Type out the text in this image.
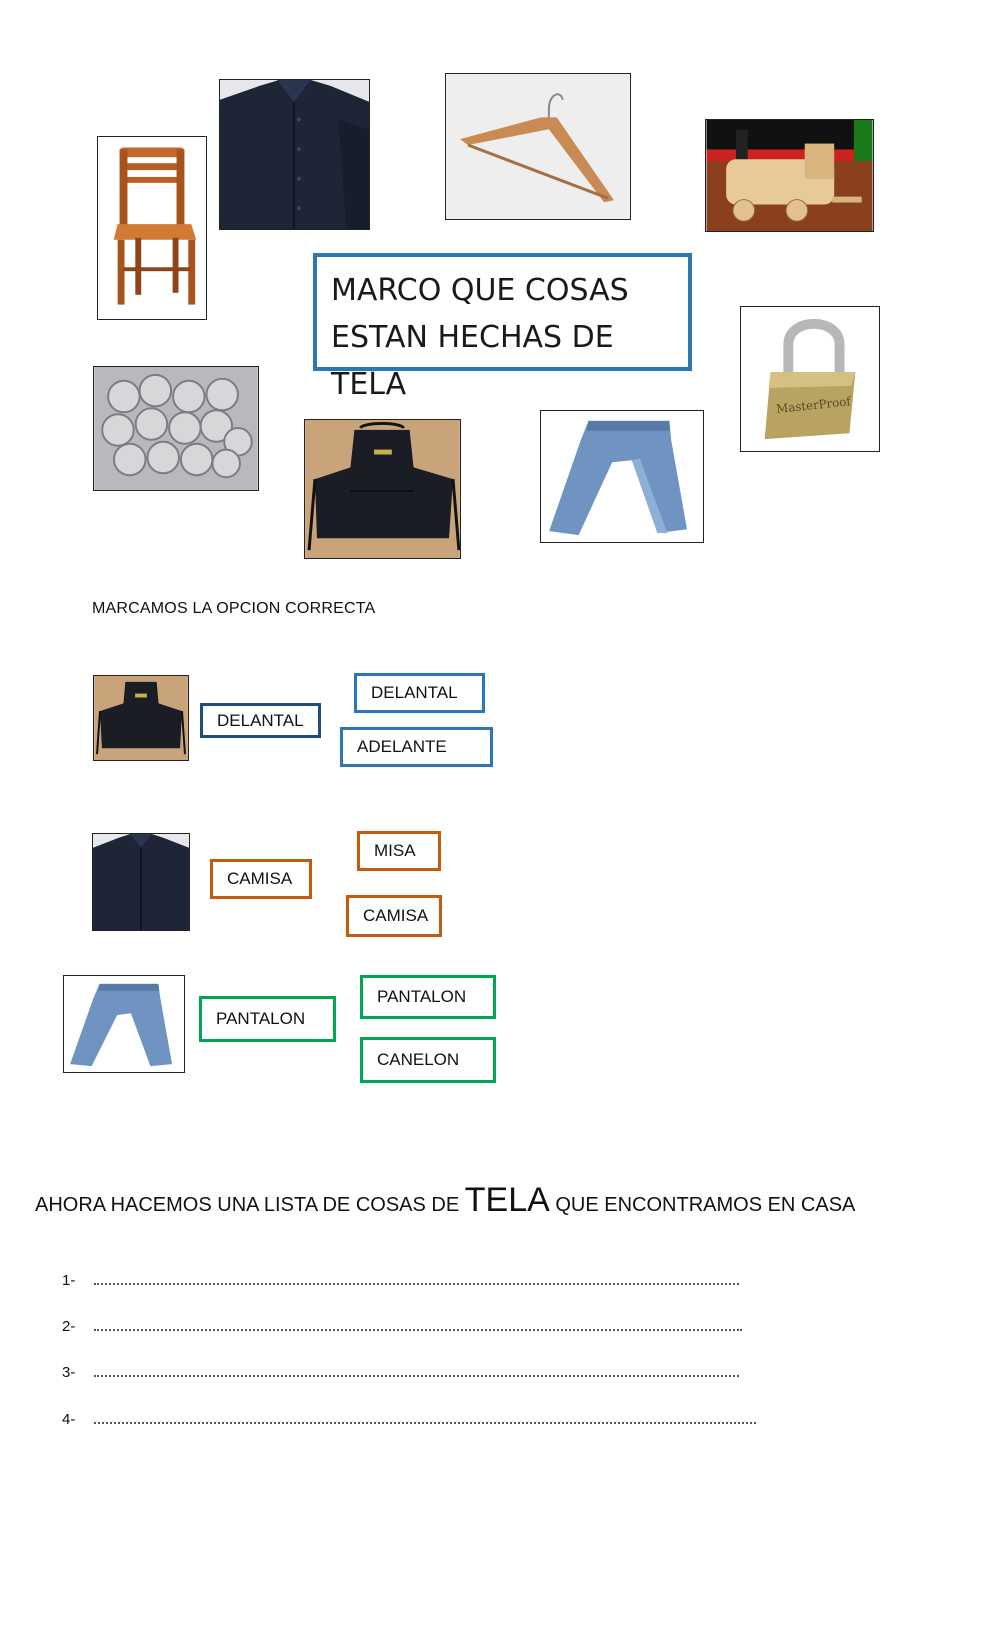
MARCO QUE COSAS
ESTAN HECHAS DE TELA
MasterProof
MARCAMOS LA OPCION CORRECTA
DELANTAL
DELANTAL
ADELANTE
CAMISA
MISA
CAMISA
PANTALON
PANTALON
CANELON
AHORA HACEMOS UNA LISTA DE COSAS DE TELA QUE ENCONTRAMOS EN CASA
1-
2-
3-
4-
